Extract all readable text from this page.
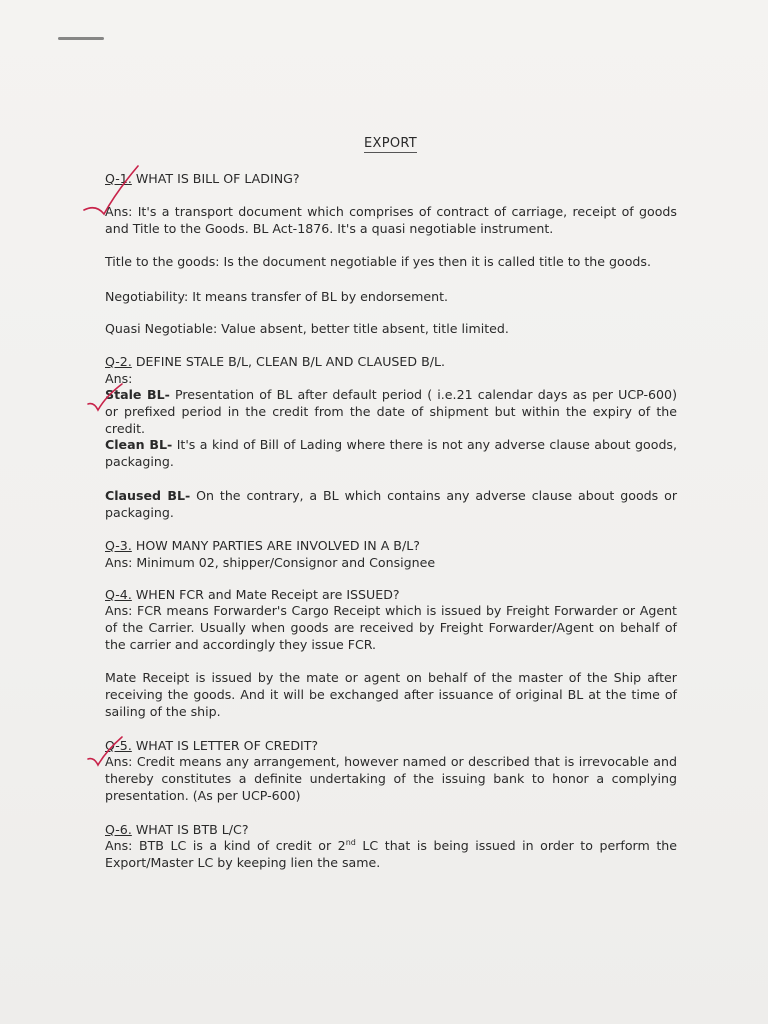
EXPORT
Q-1. WHAT IS BILL OF LADING?
Ans: It's a transport document which comprises of contract of carriage, receipt of goods and Title to the Goods. BL Act-1876. It's a quasi negotiable instrument.
Title to the goods: Is the document negotiable if yes then it is called title to the goods.
Negotiability: It means transfer of BL by endorsement.
Quasi Negotiable: Value absent, better title absent, title limited.
Q-2. DEFINE STALE B/L, CLEAN B/L AND CLAUSED B/L.
Ans:
Stale BL- Presentation of BL after default period ( i.e.21 calendar days as per UCP-600) or prefixed period in the credit from the date of shipment but within the expiry of the credit.
Clean BL- It's a kind of Bill of Lading where there is not any adverse clause about goods, packaging.
Claused BL- On the contrary, a BL which contains any adverse clause about goods or packaging.
Q-3. HOW MANY PARTIES ARE INVOLVED IN A B/L?
Ans: Minimum 02, shipper/Consignor and Consignee
Q-4. WHEN FCR and Mate Receipt are ISSUED?
Ans: FCR means Forwarder's Cargo Receipt which is issued by Freight Forwarder or Agent of the Carrier. Usually when goods are received by Freight Forwarder/Agent on behalf of the carrier and accordingly they issue FCR.
Mate Receipt is issued by the mate or agent on behalf of the master of the Ship after receiving the goods. And it will be exchanged after issuance of original BL at the time of sailing of the ship.
Q-5. WHAT IS LETTER OF CREDIT?
Ans: Credit means any arrangement, however named or described that is irrevocable and thereby constitutes a definite undertaking of the issuing bank to honor a complying presentation. (As per UCP-600)
Q-6. WHAT IS BTB L/C?
Ans: BTB LC is a kind of credit or 2nd LC that is being issued in order to perform the Export/Master LC by keeping lien the same.
